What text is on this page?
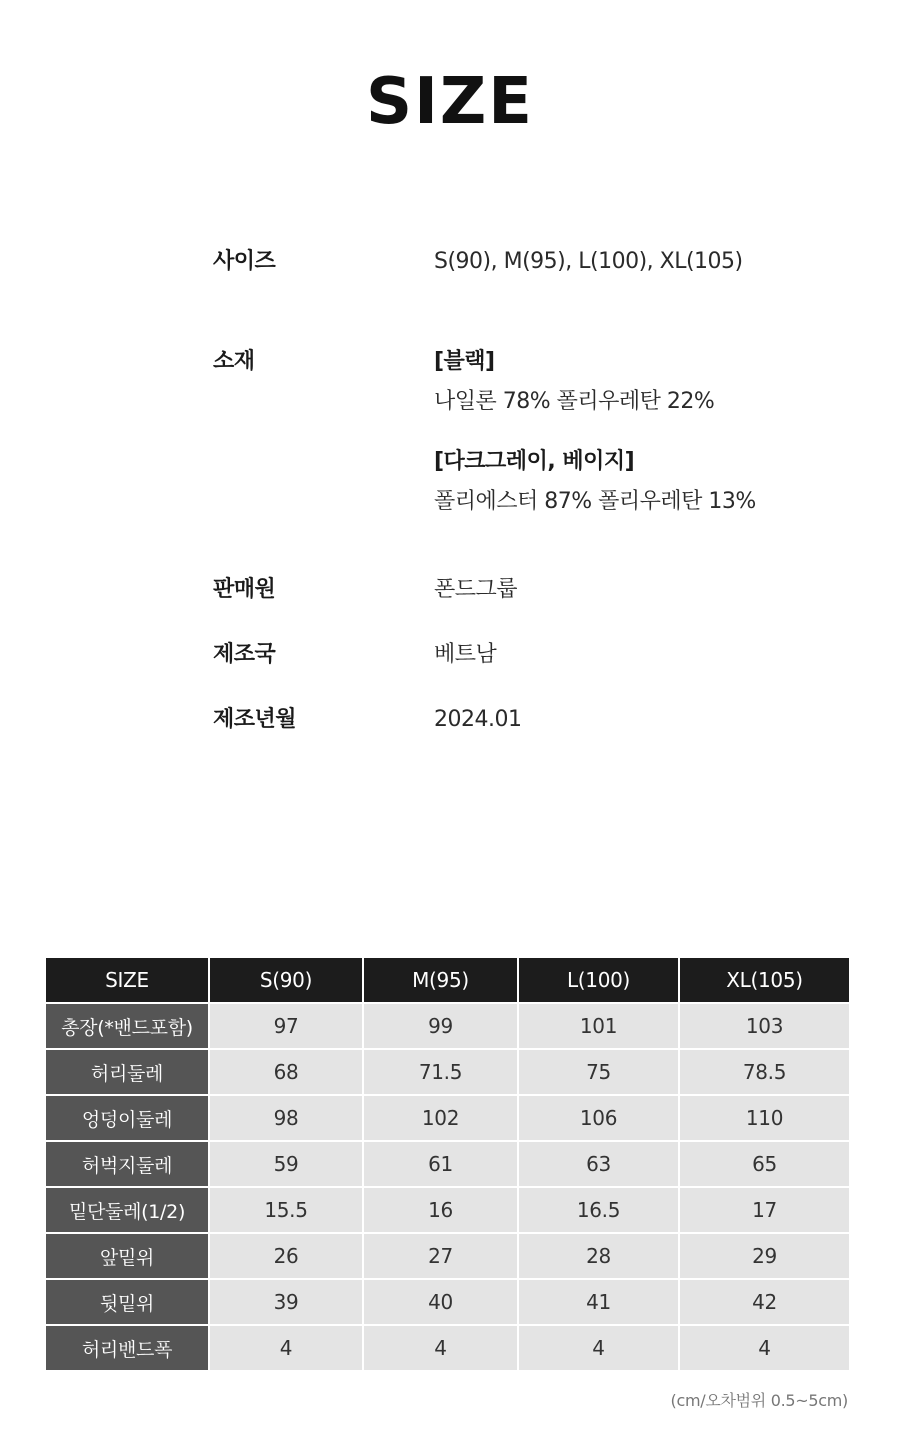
SIZE
사이즈	S(90), M(95), L(100), XL(105)
소재	[블랙]
나일론 78% 폴리우레탄 22%
[다크그레이, 베이지]
폴리에스터 87% 폴리우레탄 13%
판매원	폰드그룹
제조국	베트남
제조년월	2024.01
SIZE	S(90)	M(95)	L(100)	XL(105)
총장(*밴드포함)	97	99	101	103
허리둘레	68	71.5	75	78.5
엉덩이둘레	98	102	106	110
허벅지둘레	59	61	63	65
밑단둘레(1/2)	15.5	16	16.5	17
앞밑위	26	27	28	29
뒷밑위	39	40	41	42
허리밴드폭	4	4	4	4
(cm/오차범위 0.5~5cm)
